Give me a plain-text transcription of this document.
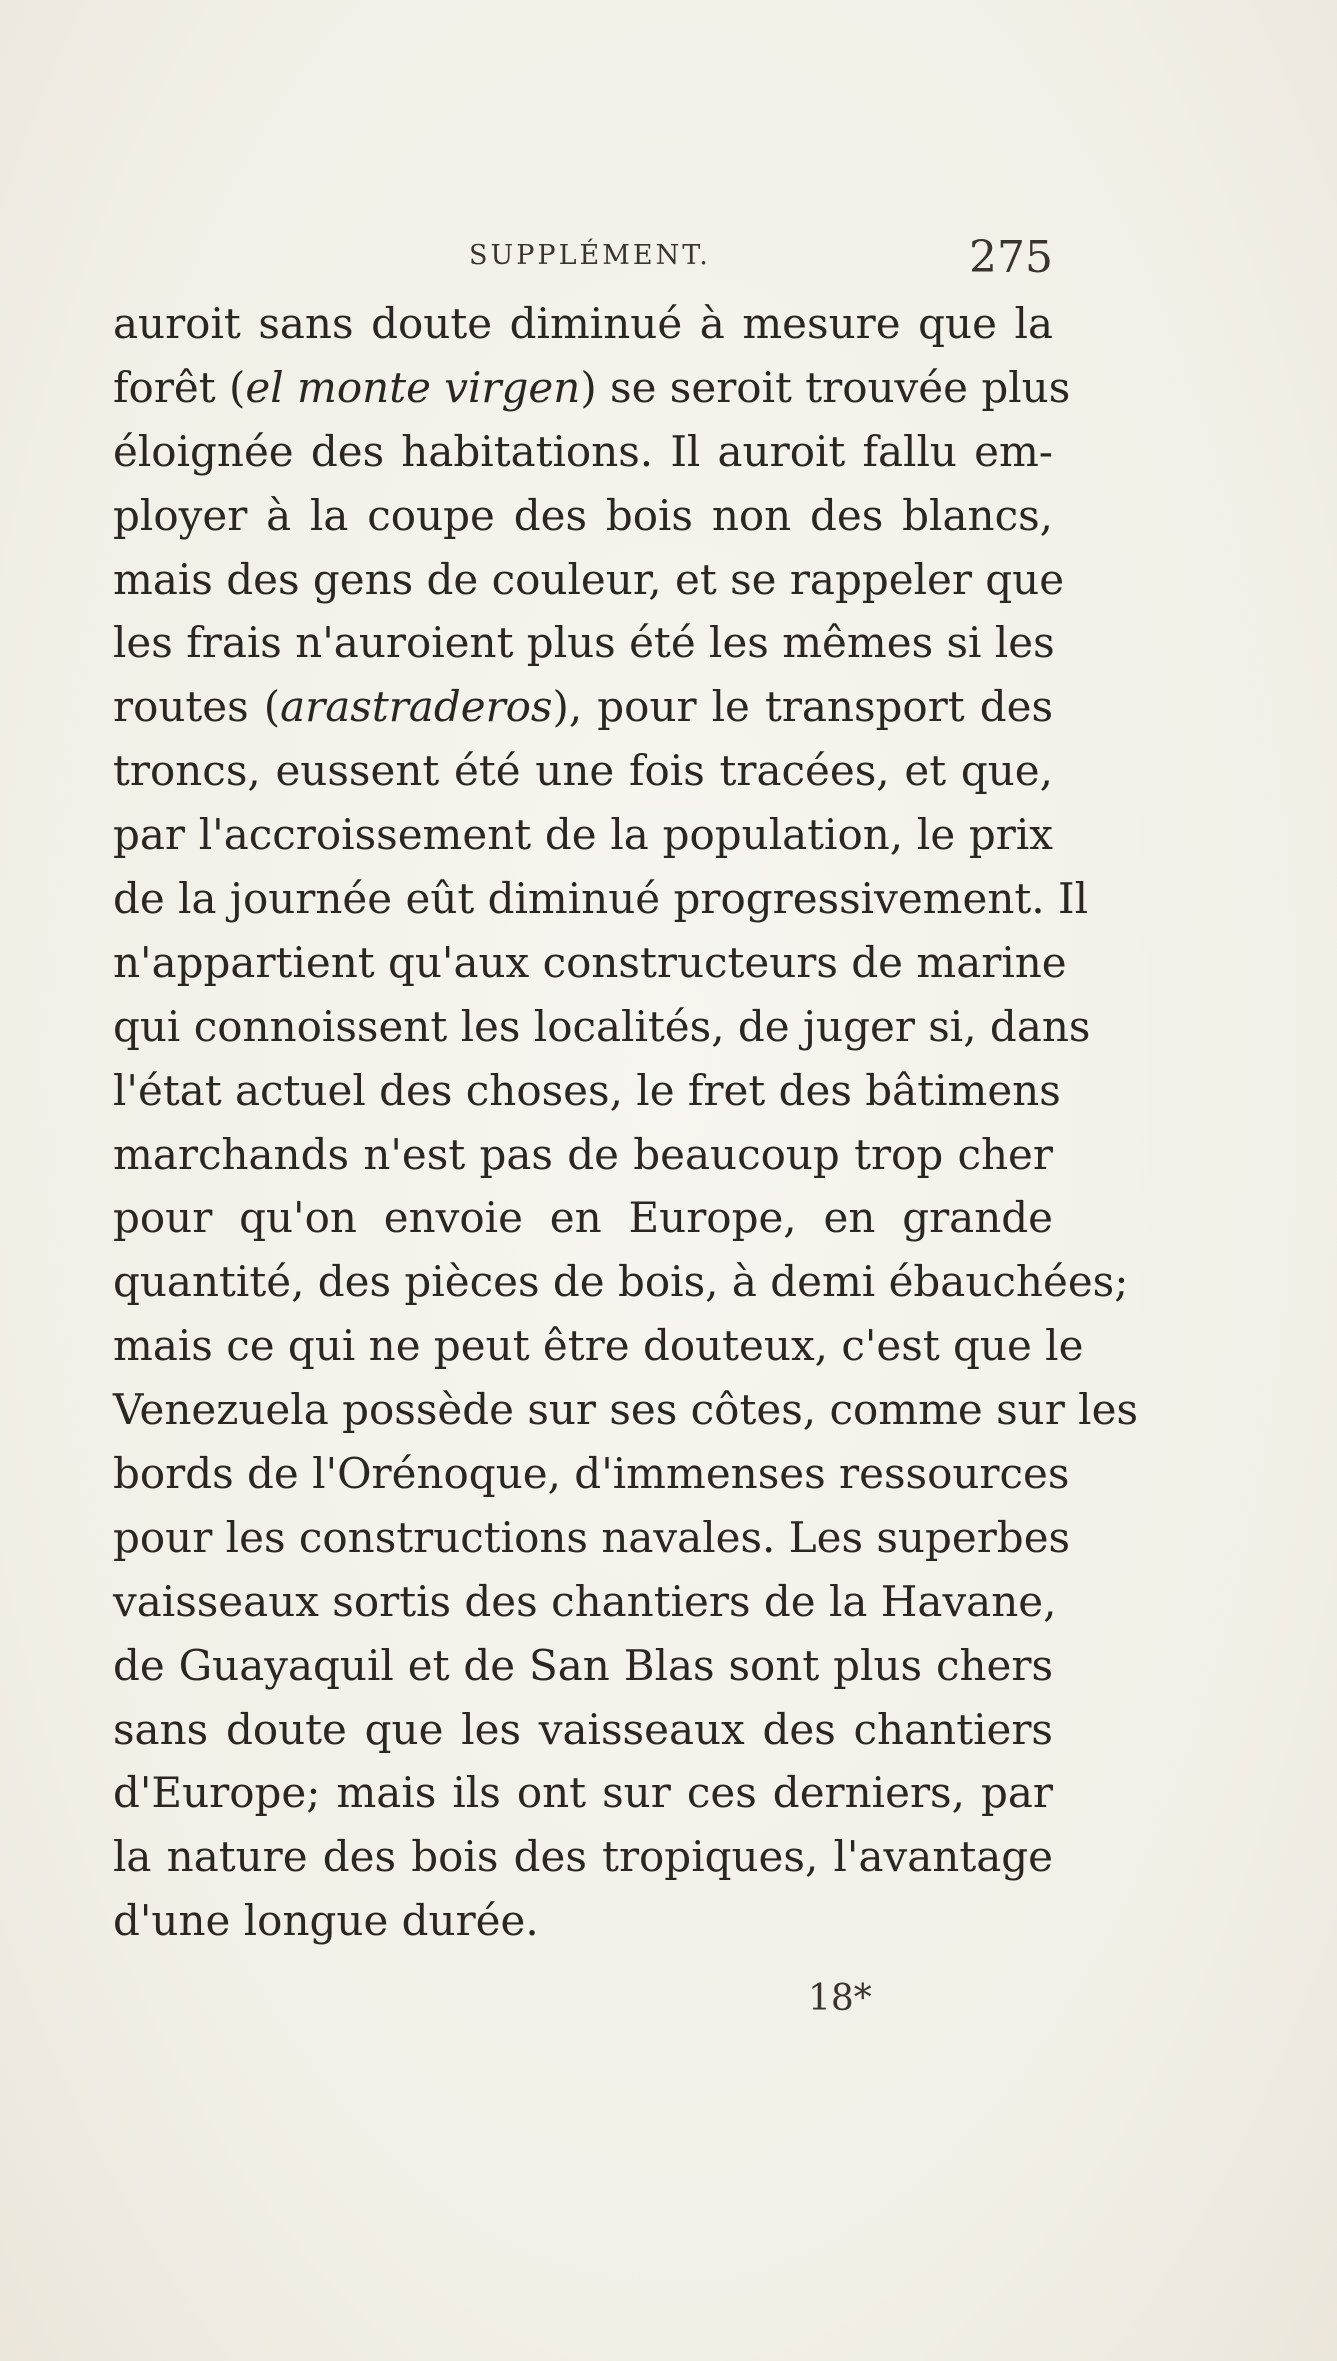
SUPPLÉMENT.	275
auroit sans doute diminué à mesure que la
forêt (el monte virgen) se seroit trouvée plus
éloignée des habitations. Il auroit fallu em-
ployer à la coupe des bois non des blancs,
mais des gens de couleur, et se rappeler que
les frais n'auroient plus été les mêmes si les
routes (arastraderos), pour le transport des
troncs, eussent été une fois tracées, et que,
par l'accroissement de la population, le prix
de la journée eût diminué progressivement. Il
n'appartient qu'aux constructeurs de marine
qui connoissent les localités, de juger si, dans
l'état actuel des choses, le fret des bâtimens
marchands n'est pas de beaucoup trop cher
pour qu'on envoie en Europe, en grande
quantité, des pièces de bois, à demi ébauchées;
mais ce qui ne peut être douteux, c'est que le
Venezuela possède sur ses côtes, comme sur les
bords de l'Orénoque, d'immenses ressources
pour les constructions navales. Les superbes
vaisseaux sortis des chantiers de la Havane,
de Guayaquil et de San Blas sont plus chers
sans doute que les vaisseaux des chantiers
d'Europe; mais ils ont sur ces derniers, par
la nature des bois des tropiques, l'avantage
d'une longue durée.
18*
